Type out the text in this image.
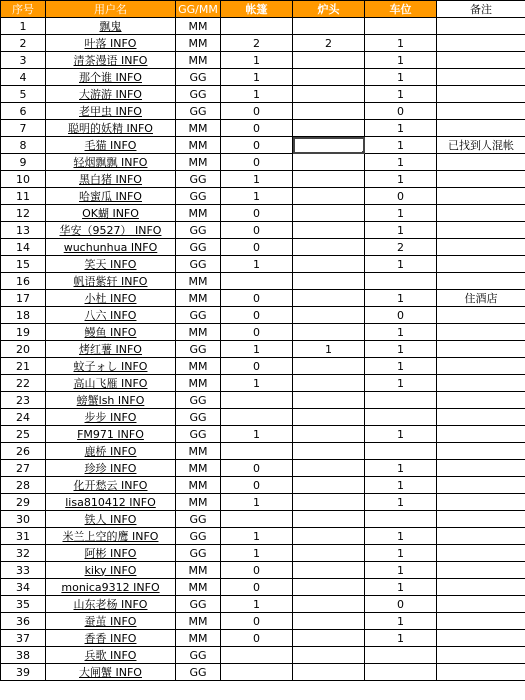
序号	用户名	GG/MM	帐篷	炉头	车位	备注
1	飘鬼	MM				
2	叶落 INFO	MM	2	2	1	
3	清茶漫语 INFO	MM	1		1	
4	那个谁 INFO	GG	1		1	
5	大游游 INFO	GG	1		1	
6	老甲虫 INFO	GG	0		0	
7	聪明的妖精 INFO	MM	0		1	
8	毛猫 INFO	MM	0		1	已找到人混帐
9	轻烟飘飘 INFO	MM	0		1	
10	黑白猪 INFO	GG	1		1	
11	哈蜜瓜 INFO	GG	1		0	
12	OK蝴 INFO	MM	0		1	
13	华安（9527） INFO	GG	0		1	
14	wuchunhua INFO	GG	0		2	
15	笑天 INFO	GG	1		1	
16	帆语紫轩 INFO	MM				
17	小杜 INFO	MM	0		1	住酒店
18	八六 INFO	GG	0		0	
19	鳗鱼 INFO	MM	0		1	
20	烤红薯 INFO	GG	1	1	1	
21	蚊子ォし INFO	MM	0		1	
22	高山飞雁 INFO	MM	1		1	
23	螃蟹lsh INFO	GG				
24	步步 INFO	GG				
25	FM971 INFO	GG	1		1	
26	鹿桥 INFO	MM				
27	珍珍 INFO	MM	0		1	
28	化开愁云 INFO	MM	0		1	
29	lisa810412 INFO	MM	1		1	
30	铁人 INFO	GG				
31	米兰上空的鹰 INFO	GG	1		1	
32	阿彬 INFO	GG	1		1	
33	kiky INFO	MM	0		1	
34	monica9312 INFO	MM	0		1	
35	山东老杨 INFO	GG	1		0	
36	蚕茧 INFO	MM	0		1	
37	香香 INFO	MM	0		1	
38	兵歌 INFO	GG				
39	大闸蟹 INFO	GG				
